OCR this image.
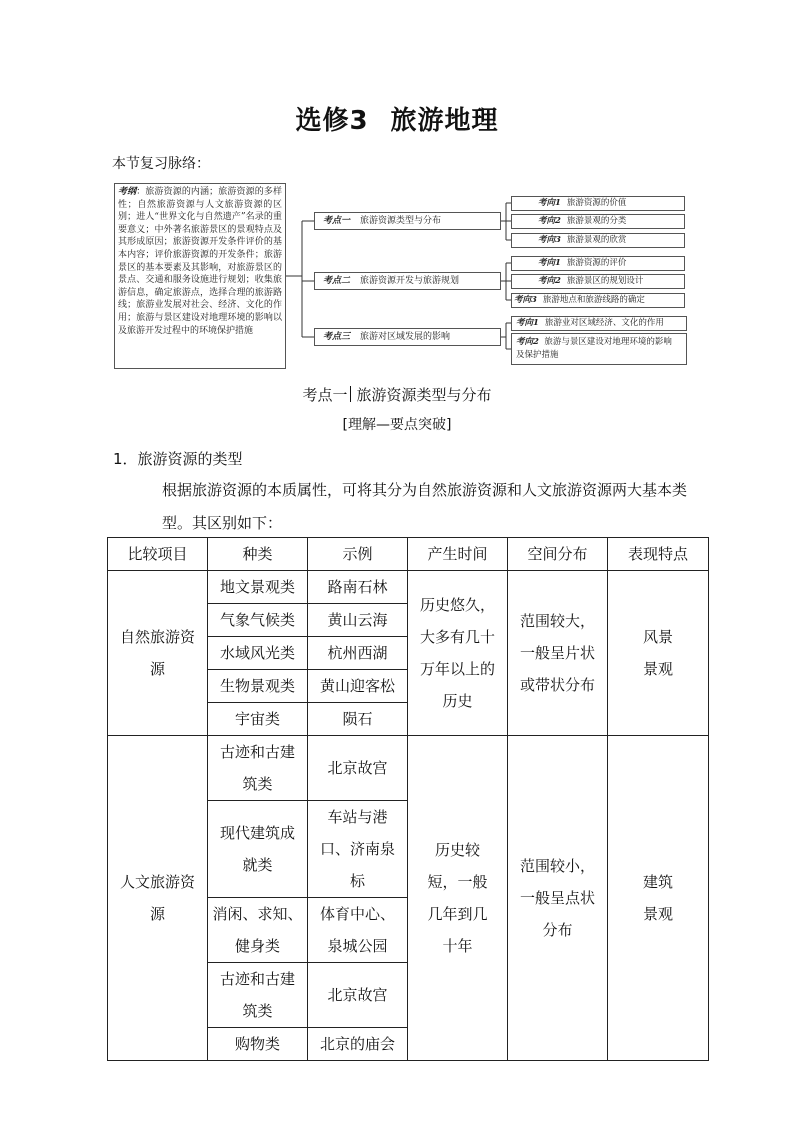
选修3 旅游地理
本节复习脉络：
考纲：旅游资源的内涵；旅游资源的多样性；自然旅游资源与人文旅游资源的区别；进人“世界文化与自然遗产”名录的重要意义；中外著名旅游景区的景观特点及其形成原因；旅游资源开发条件评价的基本内容；评价旅游资源的开发条件；旅游景区的基本要素及其影响，对旅游景区的景点、交通和服务设施进行规划；收集旅游信息，确定旅游点，选择合理的旅游路线；旅游业发展对社会、经济、文化的作用；旅游与景区建设对地理环境的影响以及旅游开发过程中的环境保护措施
考点一 旅游资源类型与分布
考点二 旅游资源开发与旅游规划
考点三 旅游对区域发展的影响
考向1 旅游资源的价值
考向2 旅游景观的分类
考向3 旅游景观的欣赏
考向1 旅游资源的评价
考向2 旅游景区的规划设计
考向3 旅游地点和旅游线路的确定
考向1 旅游业对区域经济、文化的作用
考向2 旅游与景区建设对地理环境的影响及保护措施
考点一 旅游资源类型与分布
[理解—要点突破]
1．旅游资源的类型
根据旅游资源的本质属性，可将其分为自然旅游资源和人文旅游资源两大基本类型。其区别如下：
比较项目	种类	示例	产生时间	空间分布	表现特点
自然旅游资源	地文景观类	路南石林	历史悠久，大多有几十万年以上的历史	范围较大，一般呈片状或带状分布	风景景观
	气象气候类	黄山云海			
	水域风光类	杭州西湖			
	生物景观类	黄山迎客松			
	宇宙类	陨石			
人文旅游资源	古迹和古建筑类	北京故宫	历史较短，一般几年到几十年	范围较小，一般呈点状分布	建筑景观
	现代建筑成就类	车站与港口、济南泉标			
	消闲、求知、健身类	体育中心、泉城公园			
	古迹和古建筑类	北京故宫			
	购物类	北京的庙会			
